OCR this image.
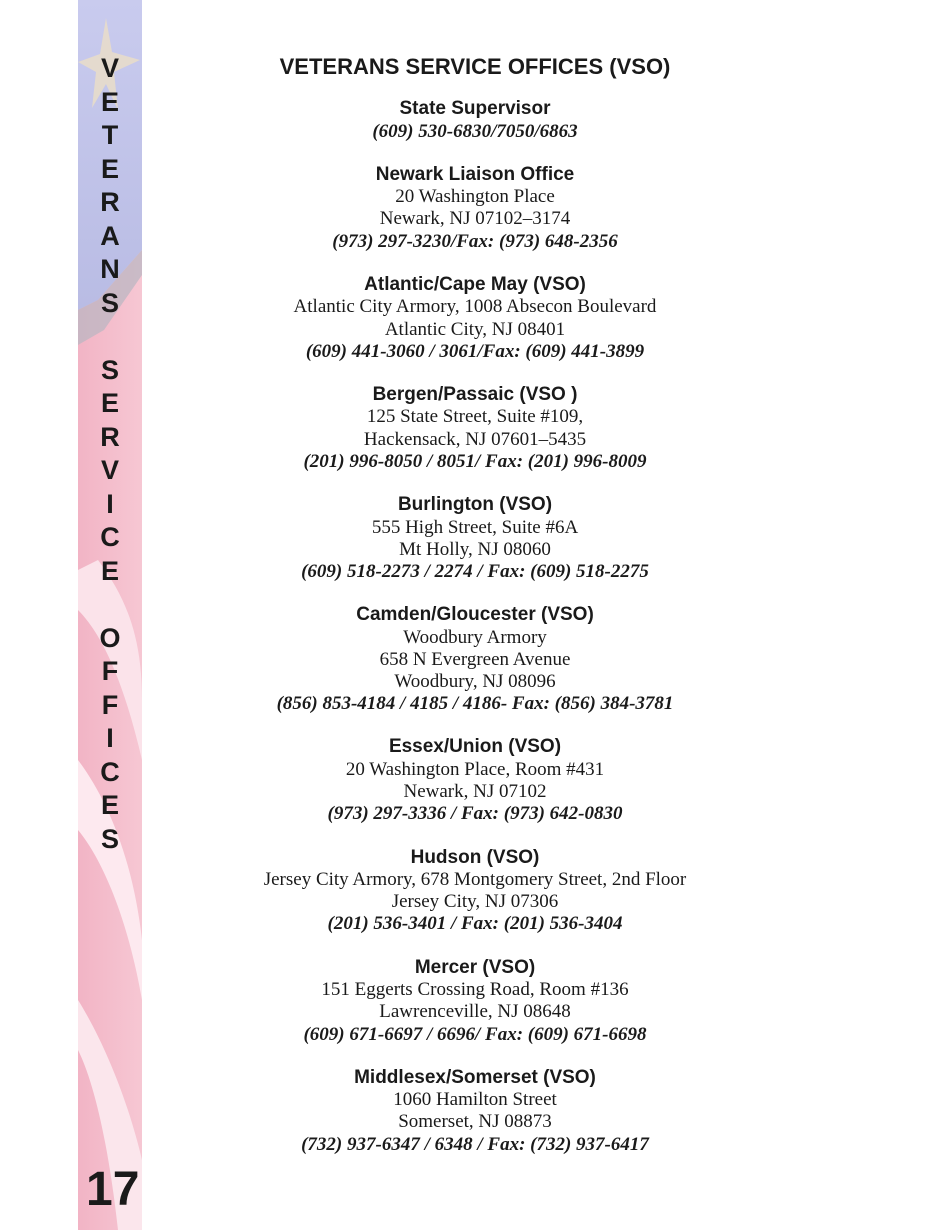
V
E
T
E
R
A
N
S
S
E
R
V
I
C
E
O
F
F
I
C
E
S
17
VETERANS SERVICE OFFICES (VSO)
State Supervisor
(609) 530-6830/7050/6863
Newark Liaison Office
20 Washington Place
Newark, NJ 07102–3174
(973) 297-3230/Fax: (973) 648-2356
Atlantic/Cape May (VSO)
Atlantic City Armory, 1008 Absecon Boulevard
Atlantic City, NJ 08401
(609) 441-3060 / 3061/Fax: (609) 441-3899
Bergen/Passaic (VSO )
125 State Street, Suite #109,
Hackensack, NJ 07601–5435
(201) 996-8050 / 8051/ Fax: (201) 996-8009
Burlington (VSO)
555 High Street, Suite #6A
Mt Holly, NJ 08060
(609) 518-2273 / 2274 / Fax: (609) 518-2275
Camden/Gloucester (VSO)
Woodbury Armory
658 N Evergreen Avenue
Woodbury, NJ 08096
(856) 853-4184 / 4185 / 4186- Fax: (856) 384-3781
Essex/Union (VSO)
20 Washington Place, Room #431
Newark, NJ 07102
(973) 297-3336 / Fax: (973) 642-0830
Hudson (VSO)
Jersey City Armory, 678 Montgomery Street, 2nd Floor
Jersey City, NJ 07306
(201) 536-3401 / Fax: (201) 536-3404
Mercer (VSO)
151 Eggerts Crossing Road, Room #136
Lawrenceville, NJ 08648
(609) 671-6697 / 6696/ Fax: (609) 671-6698
Middlesex/Somerset (VSO)
1060 Hamilton Street
Somerset, NJ 08873
(732) 937-6347 / 6348 / Fax: (732) 937-6417
